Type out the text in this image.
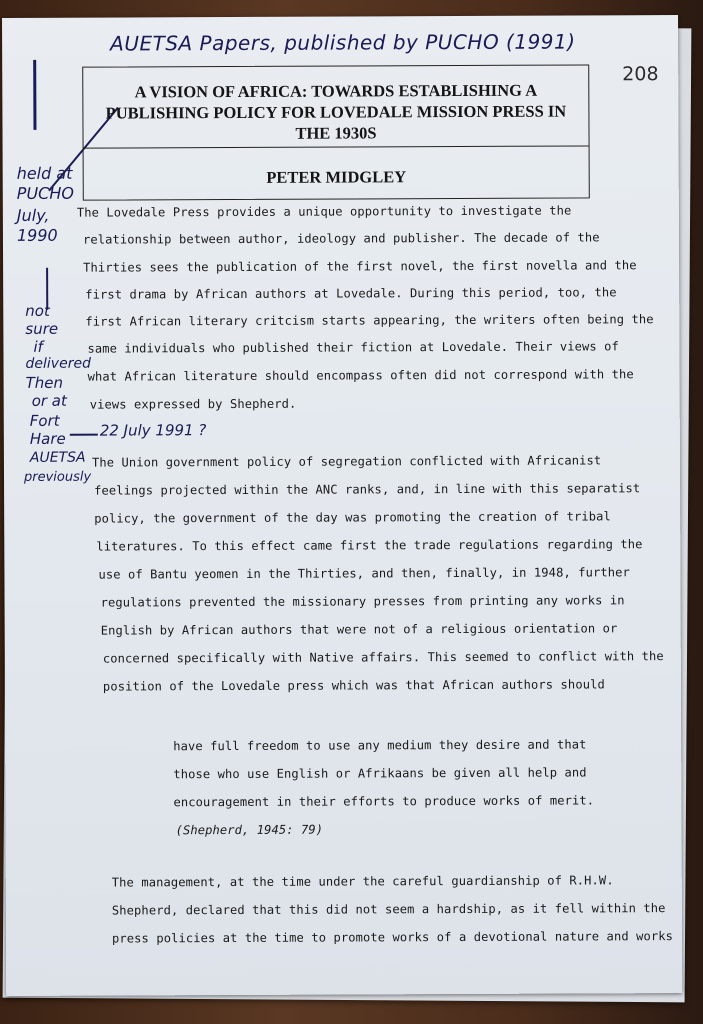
AUETSA Papers, published by PUCHO (1991)
208
A VISION OF AFRICA: TOWARDS ESTABLISHING A
PUBLISHING POLICY FOR LOVEDALE MISSION PRESS IN
THE 1930S
PETER MIDGLEY
held at
PUCHO
July,
1990
not
sure
if
delivered
Then
or at
Fort
Hare
AUETSA
previously
22 July 1991 ?
The Lovedale Press provides a unique opportunity to investigate the
relationship between author, ideology and publisher. The decade of the
Thirties sees the publication of the first novel, the first novella and the
first drama by African authors at Lovedale. During this period, too, the
first African literary critcism starts appearing, the writers often being the
same individuals who published their fiction at Lovedale. Their views of
what African literature should encompass often did not correspond with the
views expressed by Shepherd.
The Union government policy of segregation conflicted with Africanist
feelings projected within the ANC ranks, and, in line with this separatist
policy, the government of the day was promoting the creation of tribal
literatures. To this effect came first the trade regulations regarding the
use of Bantu yeomen in the Thirties, and then, finally, in 1948, further
regulations prevented the missionary presses from printing any works in
English by African authors that were not of a religious orientation or
concerned specifically with Native affairs. This seemed to conflict with the
position of the Lovedale press which was that African authors should
have full freedom to use any medium they desire and that
those who use English or Afrikaans be given all help and
encouragement in their efforts to produce works of merit.
(Shepherd, 1945: 79)
The management, at the time under the careful guardianship of R.H.W.
Shepherd, declared that this did not seem a hardship, as it fell within the
press policies at the time to promote works of a devotional nature and works
